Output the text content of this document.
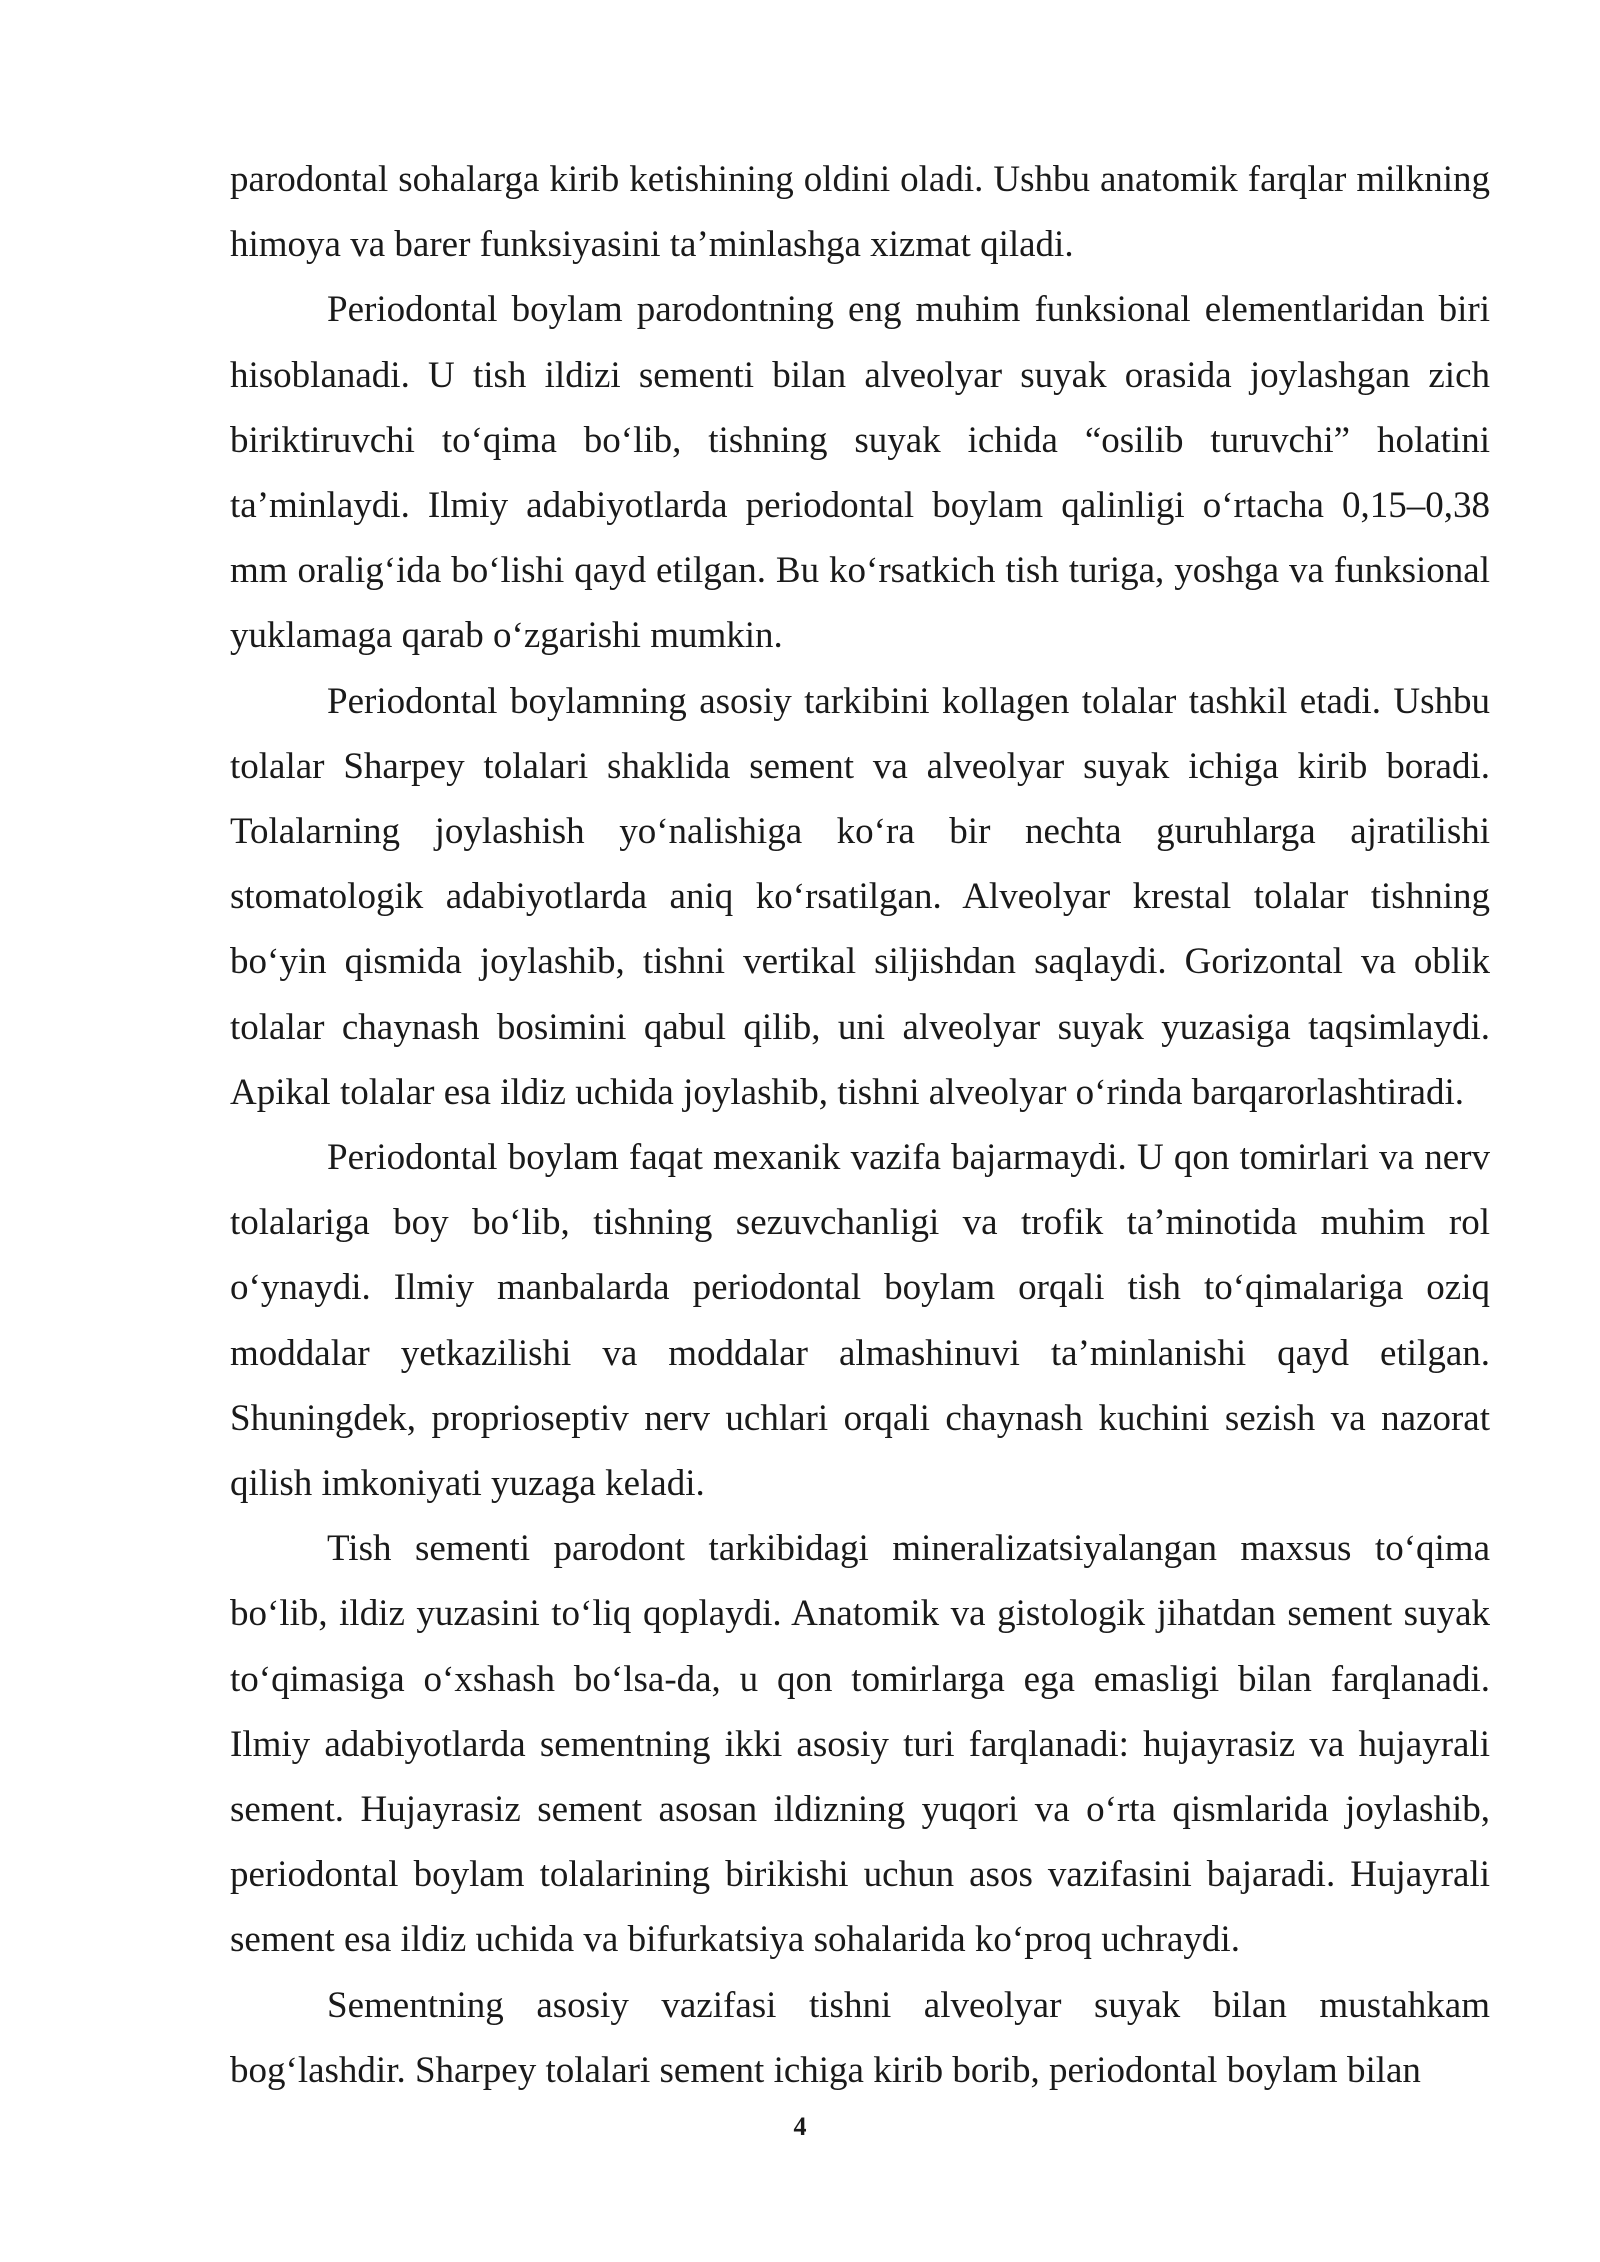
parodontal sohalarga kirib ketishining oldini oladi. Ushbu anatomik farqlar milkning himoya va barer funksiyasini ta’minlashga xizmat qiladi.

Periodontal boylam parodontning eng muhim funksional elementlaridan biri hisoblanadi. U tish ildizi sementi bilan alveolyar suyak orasida joylashgan zich biriktiruvchi to‘qima bo‘lib, tishning suyak ichida “osilib turuvchi” holatini ta’minlaydi. Ilmiy adabiyotlarda periodontal boylam qalinligi o‘rtacha 0,15–0,38 mm oralig‘ida bo‘lishi qayd etilgan. Bu ko‘rsatkich tish turiga, yoshga va funksional yuklamaga qarab o‘zgarishi mumkin.

Periodontal boylamning asosiy tarkibini kollagen tolalar tashkil etadi. Ushbu tolalar Sharpey tolalari shaklida sement va alveolyar suyak ichiga kirib boradi. Tolalarning joylashish yo‘nalishiga ko‘ra bir nechta guruhlarga ajratilishi stomatologik adabiyotlarda aniq ko‘rsatilgan. Alveolyar krestal tolalar tishning bo‘yin qismida joylashib, tishni vertikal siljishdan saqlaydi. Gorizontal va oblik tolalar chaynash bosimini qabul qilib, uni alveolyar suyak yuzasiga taqsimlaydi. Apikal tolalar esa ildiz uchida joylashib, tishni alveolyar o‘rinda barqarorlashtiradi.

Periodontal boylam faqat mexanik vazifa bajarmaydi. U qon tomirlari va nerv tolalariga boy bo‘lib, tishning sezuvchanligi va trofik ta’minotida muhim rol o‘ynaydi. Ilmiy manbalarda periodontal boylam orqali tish to‘qimalariga oziq moddalar yetkazilishi va moddalar almashinuvi ta’minlanishi qayd etilgan. Shuningdek, proprioseptiv nerv uchlari orqali chaynash kuchini sezish va nazorat qilish imkoniyati yuzaga keladi.

Tish sementi parodont tarkibidagi mineralizatsiyalangan maxsus to‘qima bo‘lib, ildiz yuzasini to‘liq qoplaydi. Anatomik va gistologik jihatdan sement suyak to‘qimasiga o‘xshash bo‘lsa-da, u qon tomirlarga ega emasligi bilan farqlanadi. Ilmiy adabiyotlarda sementning ikki asosiy turi farqlanadi: hujayrasiz va hujayrali sement. Hujayrasiz sement asosan ildizning yuqori va o‘rta qismlarida joylashib, periodontal boylam tolalarining birikishi uchun asos vazifasini bajaradi. Hujayrali sement esa ildiz uchida va bifurkatsiya sohalarida ko‘proq uchraydi.

Sementning asosiy vazifasi tishni alveolyar suyak bilan mustahkam bog‘lashdir. Sharpey tolalari sement ichiga kirib borib, periodontal boylam bilan

4
